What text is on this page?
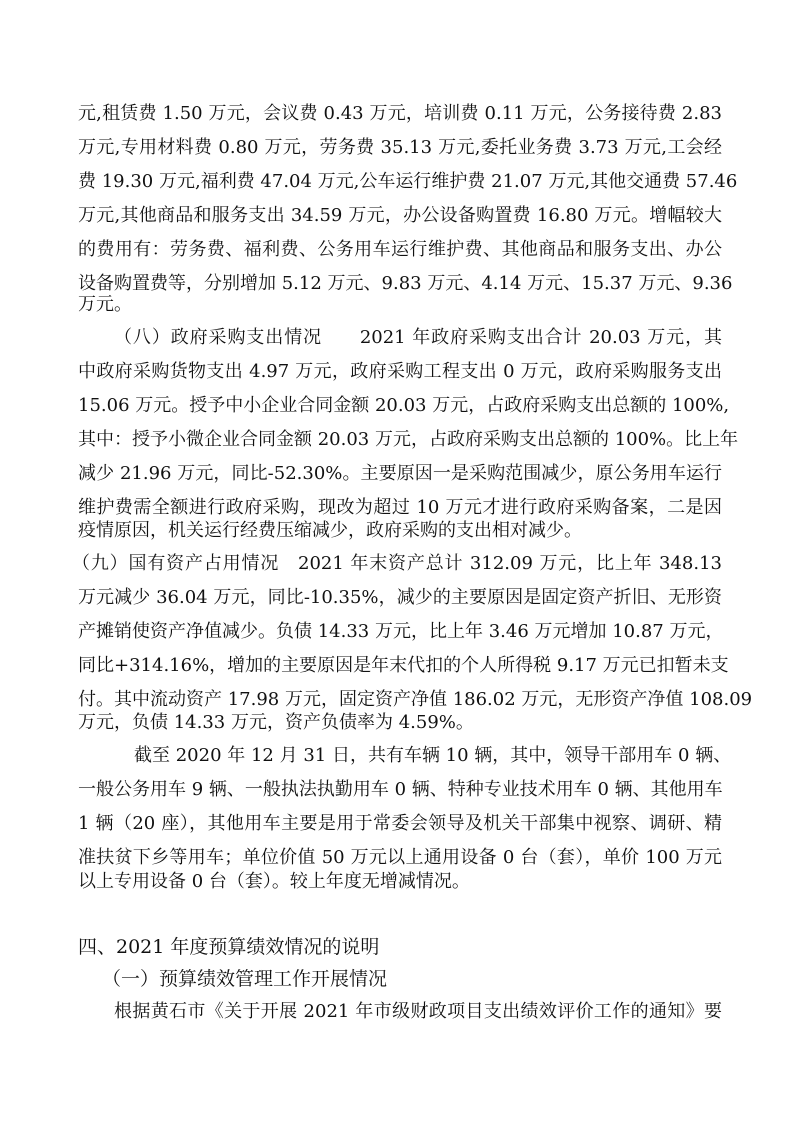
元,租赁费 1.50 万元，会议费 0.43 万元，培训费 0.11 万元，公务接待费 2.83
万元,专用材料费 0.80 万元，劳务费 35.13 万元,委托业务费 3.73 万元,工会经
费 19.30 万元,福利费 47.04 万元,公车运行维护费 21.07 万元,其他交通费 57.46
万元,其他商品和服务支出 34.59 万元，办公设备购置费 16.80 万元。增幅较大
的费用有：劳务费、福利费、公务用车运行维护费、其他商品和服务支出、办公
设备购置费等，分别增加 5.12 万元、9.83 万元、4.14 万元、15.37 万元、9.36
万元。
（八）政府采购支出情况　　2021 年政府采购支出合计 20.03 万元，其
中政府采购货物支出 4.97 万元，政府采购工程支出 0 万元，政府采购服务支出
15.06 万元。授予中小企业合同金额 20.03 万元，占政府采购支出总额的 100%,
其中：授予小微企业合同金额 20.03 万元，占政府采购支出总额的 100%。比上年
减少 21.96 万元，同比-52.30%。主要原因一是采购范围减少，原公务用车运行
维护费需全额进行政府采购，现改为超过 10 万元才进行政府采购备案，二是因
疫情原因，机关运行经费压缩减少，政府采购的支出相对减少。
（九）国有资产占用情况　2021 年末资产总计 312.09 万元，比上年 348.13
万元减少 36.04 万元，同比-10.35%，减少的主要原因是固定资产折旧、无形资
产摊销使资产净值减少。负债 14.33 万元，比上年 3.46 万元增加 10.87 万元，
同比+314.16%，增加的主要原因是年末代扣的个人所得税 9.17 万元已扣暂未支
付。其中流动资产 17.98 万元，固定资产净值 186.02 万元，无形资产净值 108.09
万元，负债 14.33 万元，资产负债率为 4.59%。
截至 2020 年 12 月 31 日，共有车辆 10 辆，其中，领导干部用车 0 辆、
一般公务用车 9 辆、一般执法执勤用车 0 辆、特种专业技术用车 0 辆、其他用车
1 辆（20 座），其他用车主要是用于常委会领导及机关干部集中视察、调研、精
准扶贫下乡等用车；单位价值 50 万元以上通用设备 0 台（套），单价 100 万元
以上专用设备 0 台（套）。较上年度无增减情况。
四、2021 年度预算绩效情况的说明
（一）预算绩效管理工作开展情况
根据黄石市《关于开展 2021 年市级财政项目支出绩效评价工作的通知》要
